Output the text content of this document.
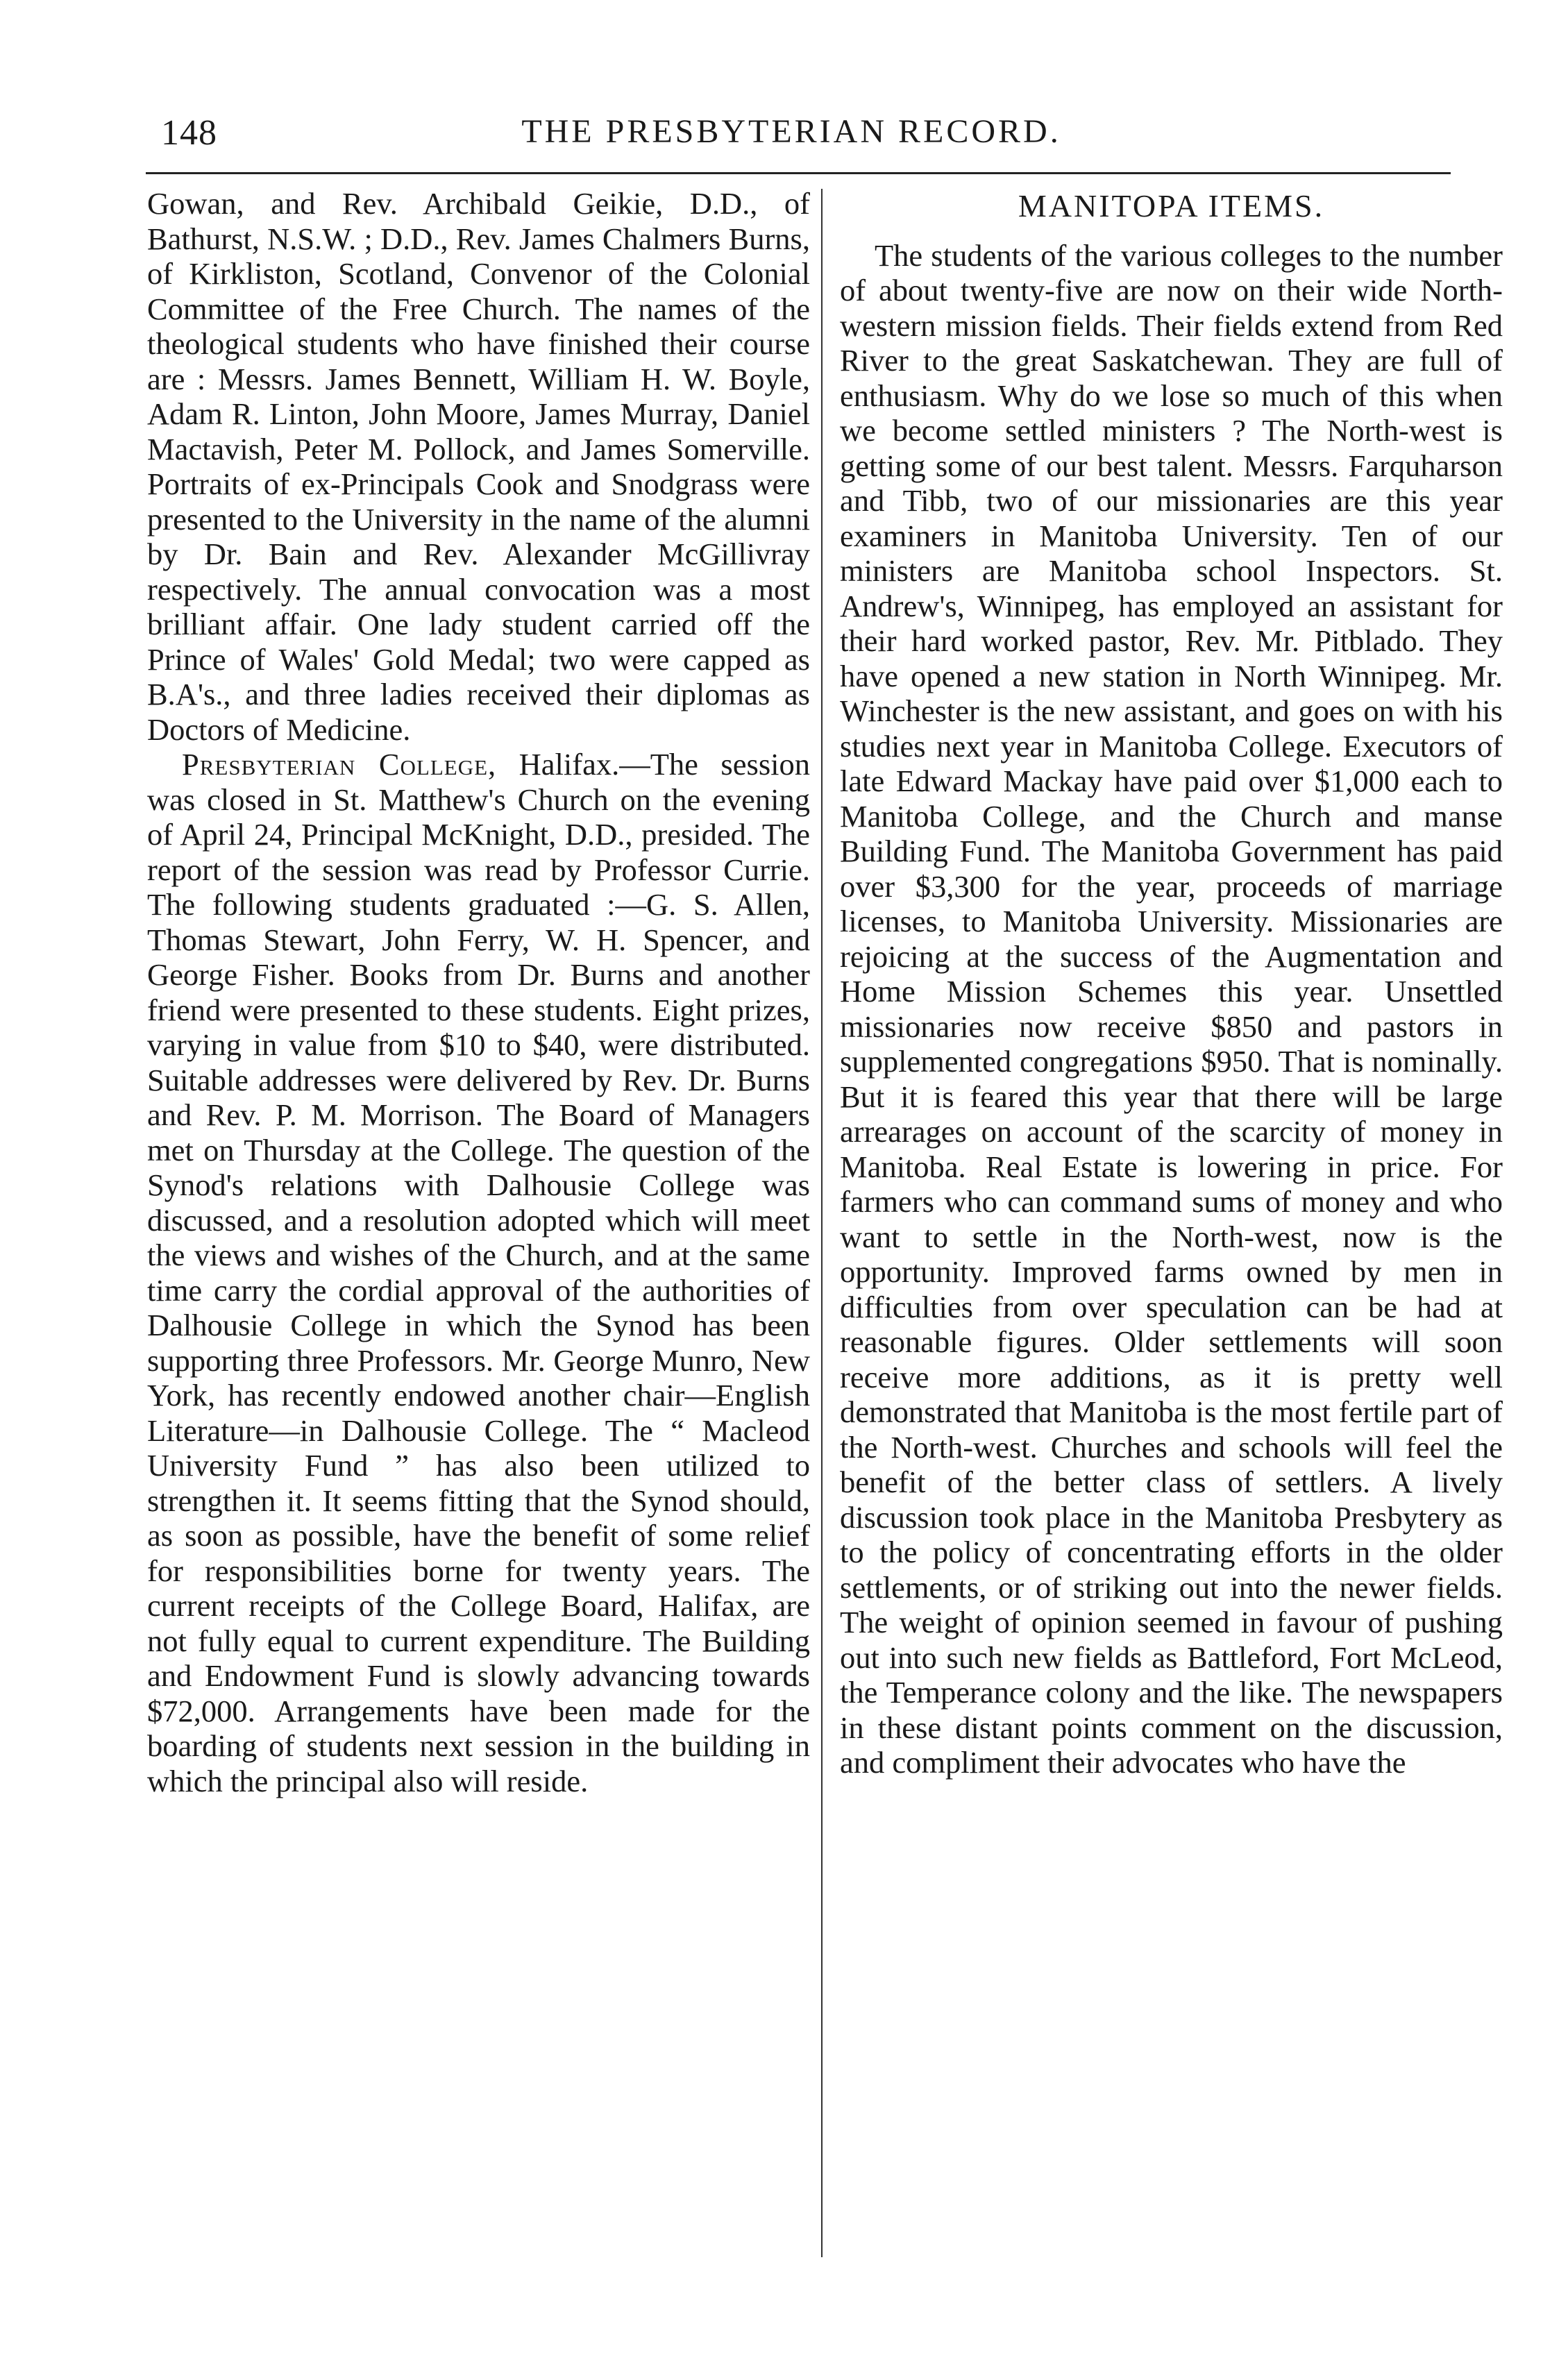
148	THE PRESBYTERIAN RECORD.

Gowan, and Rev. Archibald Geikie, D.D., of Bathurst, N.S.W. ; D.D., Rev. James Chalmers Burns, of Kirkliston, Scotland, Convenor of the Colonial Committee of the Free Church. The names of the theological students who have finished their course are : Messrs. James Bennett, William H. W. Boyle, Adam R. Linton, John Moore, James Murray, Daniel Mactavish, Peter M. Pollock, and James Somerville. Portraits of ex-Principals Cook and Snodgrass were presented to the University in the name of the alumni by Dr. Bain and Rev. Alexander McGillivray respectively. The annual convocation was a most brilliant affair. One lady student carried off the Prince of Wales' Gold Medal; two were capped as B.A's., and three ladies received their diplomas as Doctors of Medicine.

Presbyterian College, Halifax.—The session was closed in St. Matthew's Church on the evening of April 24, Principal McKnight, D.D., presided. The report of the session was read by Professor Currie. The following students graduated :—G. S. Allen, Thomas Stewart, John Ferry, W. H. Spencer, and George Fisher. Books from Dr. Burns and another friend were presented to these students. Eight prizes, varying in value from $10 to $40, were distributed. Suitable addresses were delivered by Rev. Dr. Burns and Rev. P. M. Morrison. The Board of Managers met on Thursday at the College. The question of the Synod's relations with Dalhousie College was discussed, and a resolution adopted which will meet the views and wishes of the Church, and at the same time carry the cordial approval of the authorities of Dalhousie College in which the Synod has been supporting three Professors. Mr. George Munro, New York, has recently endowed another chair—English Literature—in Dalhousie College. The “ Macleod University Fund ” has also been utilized to strengthen it. It seems fitting that the Synod should, as soon as possible, have the benefit of some relief for responsibilities borne for twenty years. The current receipts of the College Board, Halifax, are not fully equal to current expenditure. The Building and Endowment Fund is slowly advancing towards $72,000. Arrangements have been made for the boarding of students next session in the building in which the principal also will reside.

MANITOPA ITEMS.

The students of the various colleges to the number of about twenty-five are now on their wide North-western mission fields. Their fields extend from Red River to the great Saskatchewan. They are full of enthusiasm. Why do we lose so much of this when we become settled ministers ? The North-west is getting some of our best talent. Messrs. Farquharson and Tibb, two of our missionaries are this year examiners in Manitoba University. Ten of our ministers are Manitoba school Inspectors. St. Andrew's, Winnipeg, has employed an assistant for their hard worked pastor, Rev. Mr. Pitblado. They have opened a new station in North Winnipeg. Mr. Winchester is the new assistant, and goes on with his studies next year in Manitoba College. Executors of late Edward Mackay have paid over $1,000 each to Manitoba College, and the Church and manse Building Fund. The Manitoba Government has paid over $3,300 for the year, proceeds of marriage licenses, to Manitoba University. Missionaries are rejoicing at the success of the Augmentation and Home Mission Schemes this year. Unsettled missionaries now receive $850 and pastors in supplemented congregations $950. That is nominally. But it is feared this year that there will be large arrearages on account of the scarcity of money in Manitoba. Real Estate is lowering in price. For farmers who can command sums of money and who want to settle in the North-west, now is the opportunity. Improved farms owned by men in difficulties from over speculation can be had at reasonable figures. Older settlements will soon receive more additions, as it is pretty well demonstrated that Manitoba is the most fertile part of the North-west. Churches and schools will feel the benefit of the better class of settlers. A lively discussion took place in the Manitoba Presbytery as to the policy of concentrating efforts in the older settlements, or of striking out into the newer fields. The weight of opinion seemed in favour of pushing out into such new fields as Battleford, Fort McLeod, the Temperance colony and the like. The newspapers in these distant points comment on the discussion, and compliment their advocates who have the
